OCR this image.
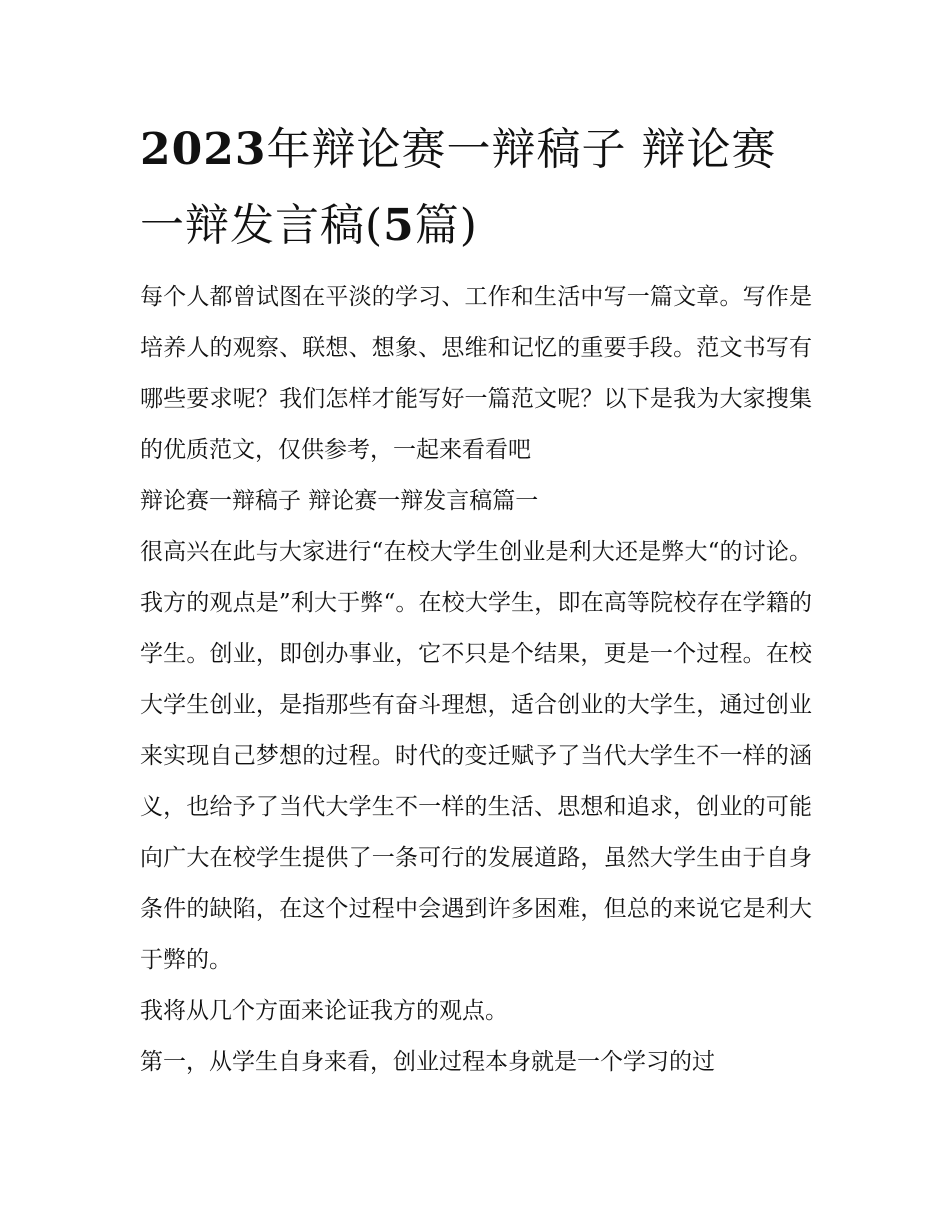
2023年辩论赛一辩稿子 辩论赛一辩发言稿(5篇)

每个人都曾试图在平淡的学习、工作和生活中写一篇文章。写作是培养人的观察、联想、想象、思维和记忆的重要手段。范文书写有哪些要求呢？我们怎样才能写好一篇范文呢？以下是我为大家搜集的优质范文，仅供参考，一起来看看吧

辩论赛一辩稿子 辩论赛一辩发言稿篇一

很高兴在此与大家进行“在校大学生创业是利大还是弊大“的讨论。我方的观点是”利大于弊“。在校大学生，即在高等院校存在学籍的学生。创业，即创办事业，它不只是个结果，更是一个过程。在校大学生创业，是指那些有奋斗理想，适合创业的大学生，通过创业来实现自己梦想的过程。时代的变迁赋予了当代大学生不一样的涵义，也给予了当代大学生不一样的生活、思想和追求，创业的可能向广大在校学生提供了一条可行的发展道路，虽然大学生由于自身条件的缺陷，在这个过程中会遇到许多困难，但总的来说它是利大于弊的。

我将从几个方面来论证我方的观点。

第一，从学生自身来看，创业过程本身就是一个学习的过
